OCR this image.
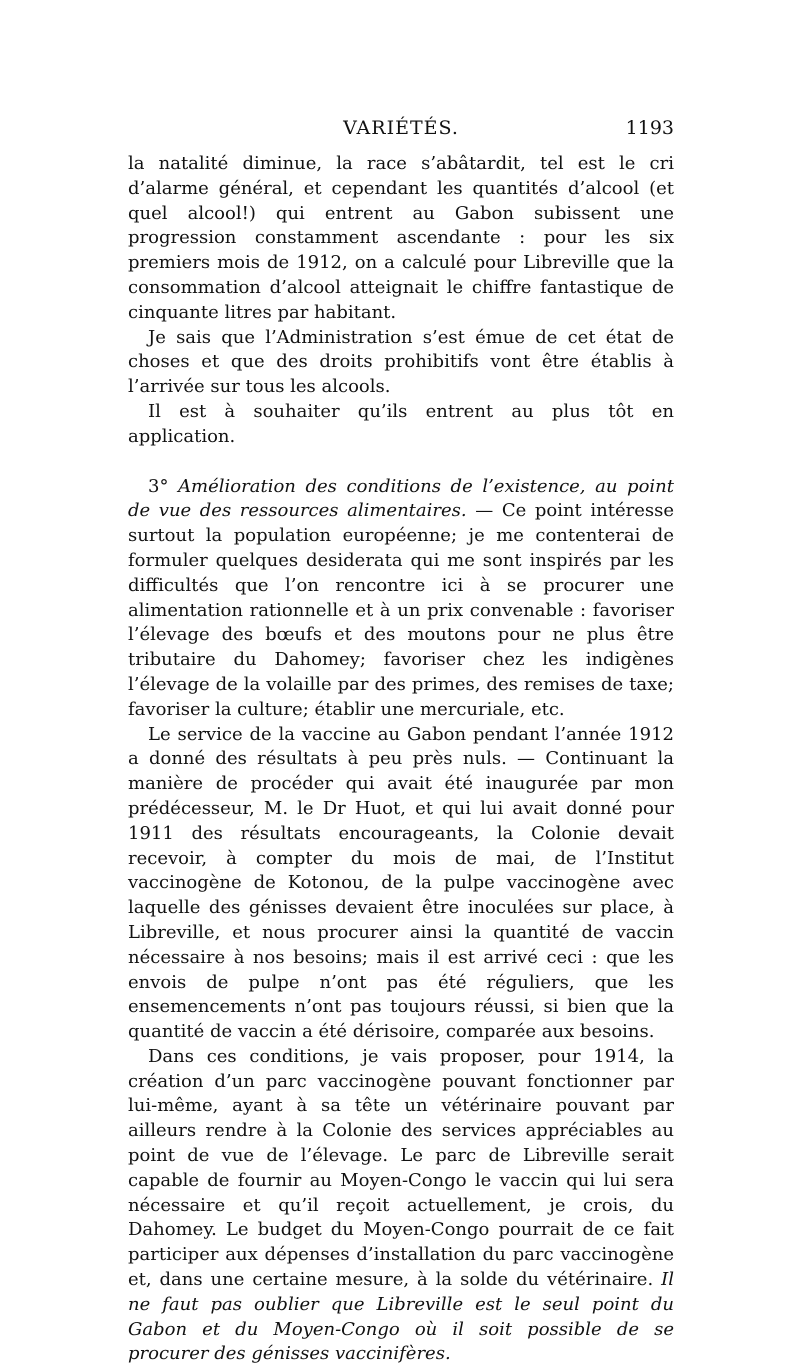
VARIÉTÉS.	1193

la natalité diminue, la race s’abâtardit, tel est le cri d’alarme général, et cependant les quantités d’alcool (et quel alcool!) qui entrent au Gabon subissent une progression constamment ascendante : pour les six premiers mois de 1912, on a calculé pour Libreville que la consommation d’alcool atteignait le chiffre fantastique de cinquante litres par habitant.

Je sais que l’Administration s’est émue de cet état de choses et que des droits prohibitifs vont être établis à l’arrivée sur tous les alcools.

Il est à souhaiter qu’ils entrent au plus tôt en application.

3° Amélioration des conditions de l’existence, au point de vue des ressources alimentaires. — Ce point intéresse surtout la population européenne; je me contenterai de formuler quelques desiderata qui me sont inspirés par les difficultés que l’on rencontre ici à se procurer une alimentation rationnelle et à un prix convenable : favoriser l’élevage des bœufs et des moutons pour ne plus être tributaire du Dahomey; favoriser chez les indigènes l’élevage de la volaille par des primes, des remises de taxe; favoriser la culture; établir une mercuriale, etc.

Le service de la vaccine au Gabon pendant l’année 1912 a donné des résultats à peu près nuls. — Continuant la manière de procéder qui avait été inaugurée par mon prédécesseur, M. le Dr Huot, et qui lui avait donné pour 1911 des résultats encourageants, la Colonie devait recevoir, à compter du mois de mai, de l’Institut vaccinogène de Kotonou, de la pulpe vaccinogène avec laquelle des génisses devaient être inoculées sur place, à Libreville, et nous procurer ainsi la quantité de vaccin nécessaire à nos besoins; mais il est arrivé ceci : que les envois de pulpe n’ont pas été réguliers, que les ensemencements n’ont pas toujours réussi, si bien que la quantité de vaccin a été dérisoire, comparée aux besoins.

Dans ces conditions, je vais proposer, pour 1914, la création d’un parc vaccinogène pouvant fonctionner par lui-même, ayant à sa tête un vétérinaire pouvant par ailleurs rendre à la Colonie des services appréciables au point de vue de l’élevage. Le parc de Libreville serait capable de fournir au Moyen-Congo le vaccin qui lui sera nécessaire et qu’il reçoit actuellement, je crois, du Dahomey. Le budget du Moyen-Congo pourrait de ce fait participer aux dépenses d’installation du parc vaccinogène et, dans une certaine mesure, à la solde du vétérinaire. Il ne faut pas oublier que Libreville est le seul point du Gabon et du Moyen-Congo où il soit possible de se procurer des génisses vaccinifères.
